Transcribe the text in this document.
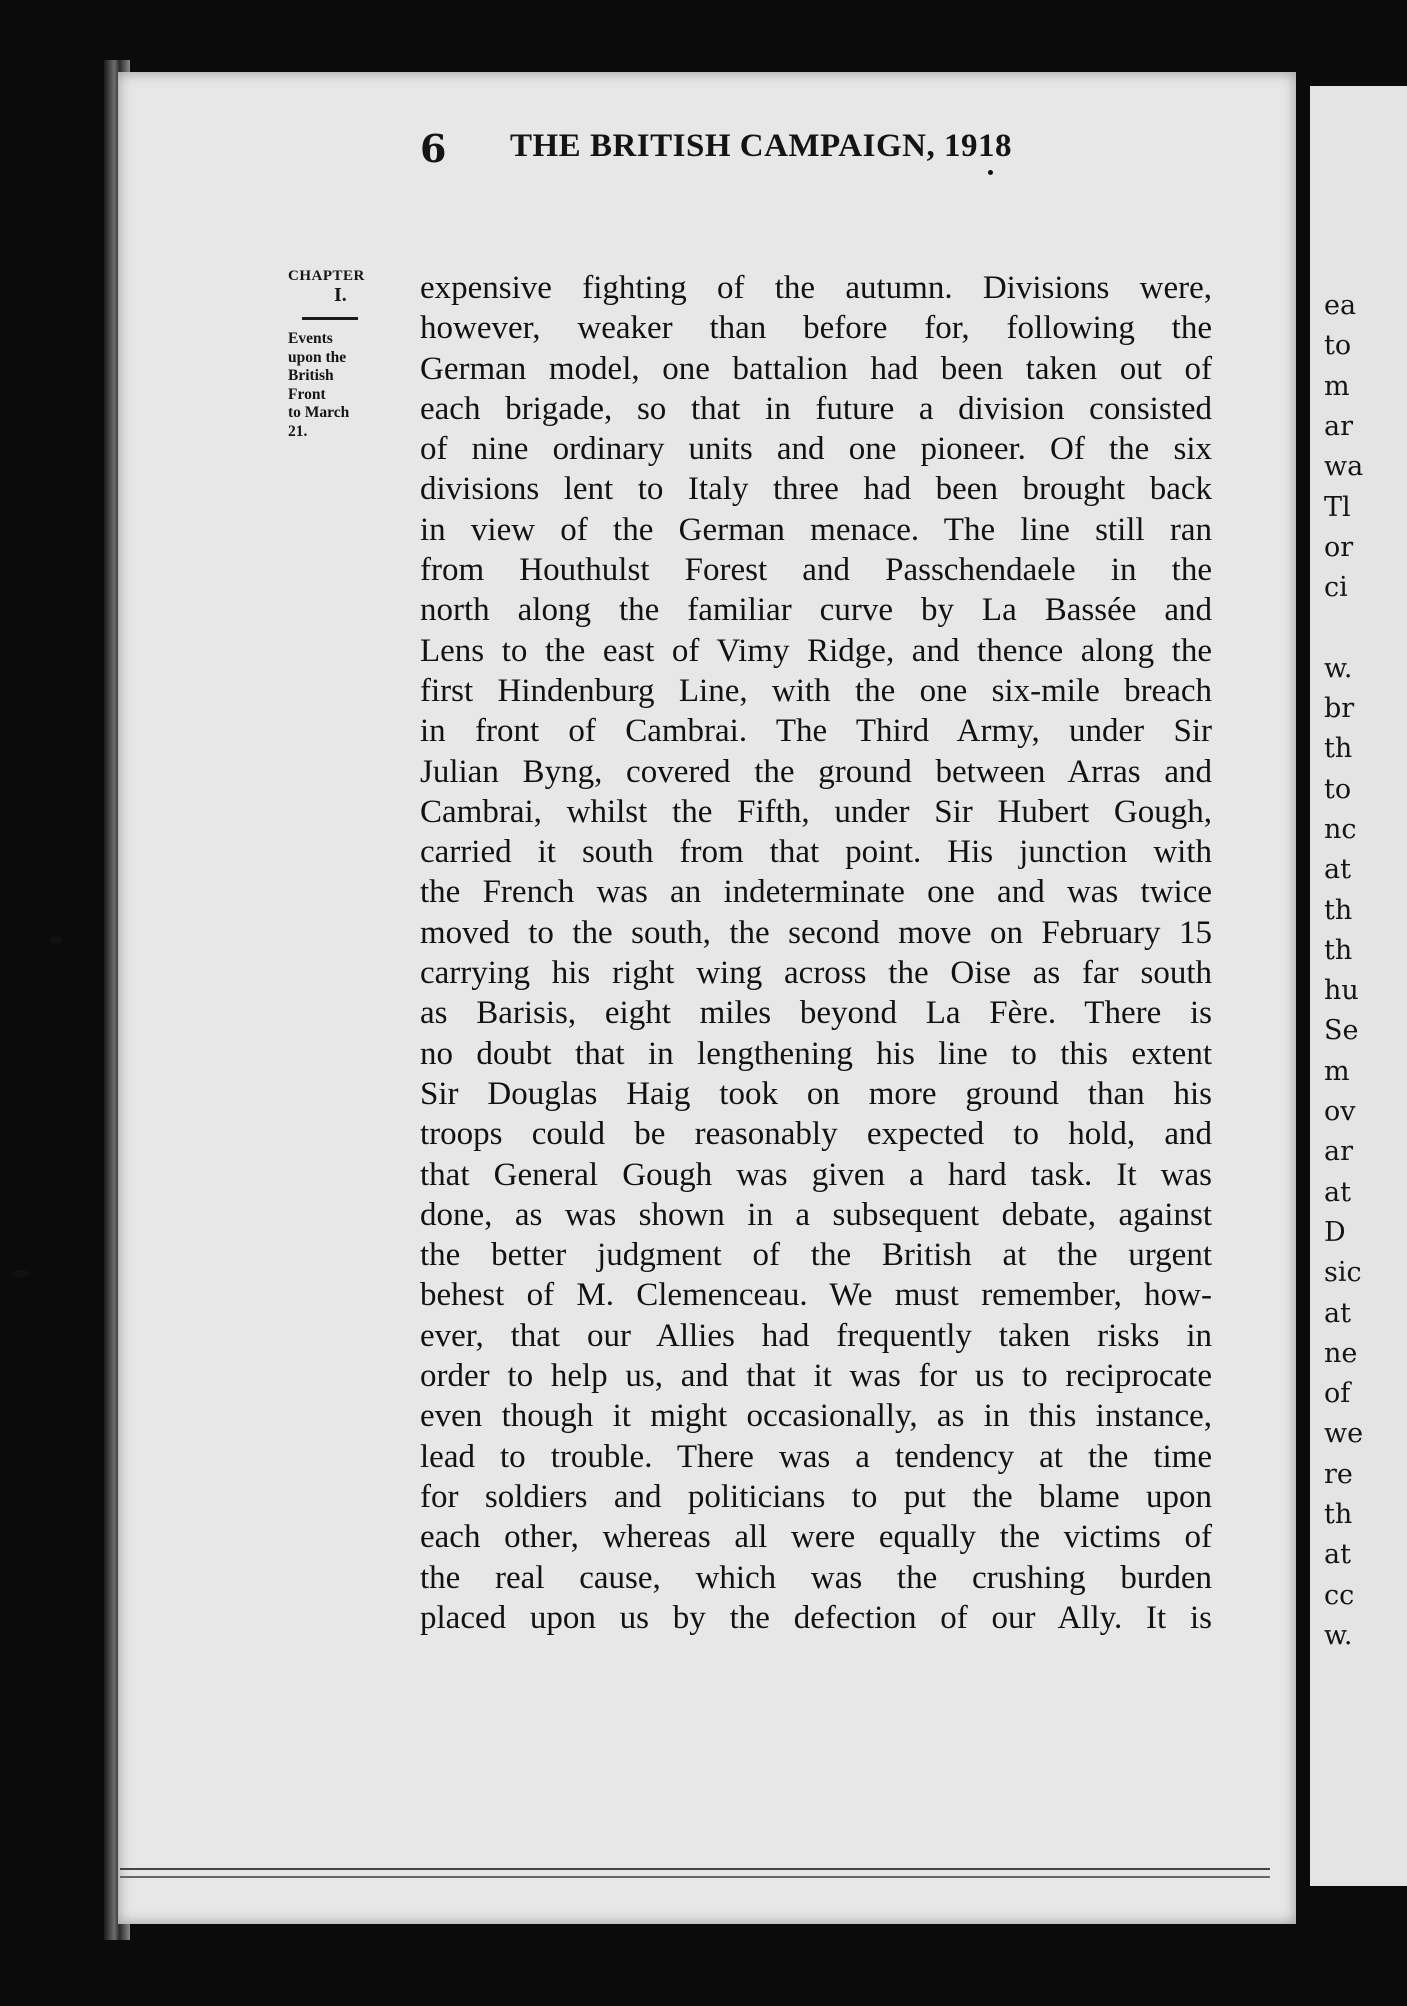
6 THE BRITISH CAMPAIGN, 1918
CHAPTER
I.
Events
upon the
British
Front
to March
21.
expensive fighting of the autumn. Divisions were,
however, weaker than before for, following the
German model, one battalion had been taken out of
each brigade, so that in future a division consisted
of nine ordinary units and one pioneer. Of the six
divisions lent to Italy three had been brought back
in view of the German menace. The line still ran
from Houthulst Forest and Passchendaele in the
north along the familiar curve by La Bassée and
Lens to the east of Vimy Ridge, and thence along the
first Hindenburg Line, with the one six-mile breach
in front of Cambrai. The Third Army, under Sir
Julian Byng, covered the ground between Arras and
Cambrai, whilst the Fifth, under Sir Hubert Gough,
carried it south from that point. His junction with
the French was an indeterminate one and was twice
moved to the south, the second move on February 15
carrying his right wing across the Oise as far south
as Barisis, eight miles beyond La Fère. There is
no doubt that in lengthening his line to this extent
Sir Douglas Haig took on more ground than his
troops could be reasonably expected to hold, and
that General Gough was given a hard task. It was
done, as was shown in a subsequent debate, against
the better judgment of the British at the urgent
behest of M. Clemenceau. We must remember, how-
ever, that our Allies had frequently taken risks in
order to help us, and that it was for us to reciprocate
even though it might occasionally, as in this instance,
lead to trouble. There was a tendency at the time
for soldiers and politicians to put the blame upon
each other, whereas all were equally the victims of
the real cause, which was the crushing burden
placed upon us by the defection of our Ally. It is
ea
to
m
ar
wa
Tl
or
ci
w.
br
th
to
nc
at
th
th
hu
Se
m
ov
ar
at
D
sic
at
ne
of
we
re
th
at
cc
w.
